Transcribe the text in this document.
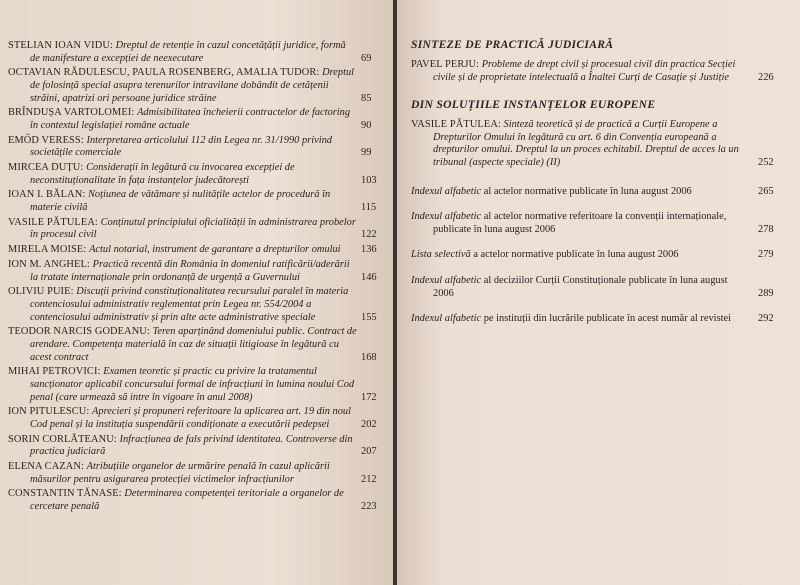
STELIAN IOAN VIDU: Dreptul de retenție în cazul concetățății juridice, formă de manifestare a excepției de neexecutare	69
OCTAVIAN RĂDULESCU, PAULA ROSENBERG, AMALIA TUDOR: Dreptul de folosință special asupra terenurilor intravilane dobândit de cetățenii străini, apatrizi ori persoane juridice străine	85
BRÎNDUȘA VARTOLOMEI: Admisibilitatea încheierii contractelor de factoring în contextul legislației române actuale	90
EMŐD VERESS: Interpretarea articolului 112 din Legea nr. 31/1990 privind societățile comerciale	99
MIRCEA DUȚU: Considerații în legătură cu invocarea excepției de neconstituționalitate în fața instanțelor judecătorești	103
IOAN I. BĂLAN: Noțiunea de vătămare și nulitățile actelor de procedură în materie civilă	115
VASILE PĂTULEA: Conținutul principiului oficialității în administrarea probelor în procesul civil	122
MIRELA MOISE: Actul notarial, instrument de garantare a drepturilor omului 136
ION M. ANGHEL: Practică recentă din România în domeniul ratificării/aderării la tratate internaționale prin ordonanță de urgență a Guvernului	146
OLIVIU PUIE: Discuții privind constituționalitatea recursului paralel în materia contenciosului administrativ reglementat prin Legea nr. 554/2004 a contenciosului administrativ și prin alte acte administrative speciale	155
TEODOR NARCIS GODEANU: Teren aparținând domeniului public. Contract de arendare. Competența materială în caz de situații litigioase în legătură cu acest contract	168
MIHAI PETROVICI: Examen teoretic și practic cu privire la tratamentul sancționator aplicabil concursului formal de infracțiuni în lumina noului Cod penal (care urmează să intre în vigoare în anul 2008)	172
ION PITULESCU: Aprecieri și propuneri referitoare la aplicarea art. 19 din noul Cod penal și la instituția suspendării condiționate a executării pedepsei	202
SORIN CORLĂTEANU: Infracțiunea de fals privind identitatea. Controverse din practica judiciară	207
ELENA CAZAN: Atribuțiile organelor de urmărire penală în cazul aplicării măsurilor pentru asigurarea protecției victimelor infracțiunilor	212
CONSTANTIN TĂNASE: Determinarea competenței teritoriale a organelor de cercetare penală	223

SINTEZE DE PRACTICĂ JUDICIARĂ

PAVEL PERJU: Probleme de drept civil și procesual civil din practica Secției civile și de proprietate intelectuală a Înaltei Curți de Casație și Justiție	226

DIN SOLUȚIILE INSTANȚELOR EUROPENE

VASILE PĂTULEA: Sinteză teoretică și de practică a Curții Europene a Drepturilor Omului în legătură cu art. 6 din Convenția europeană a drepturilor omului. Dreptul la un proces echitabil. Dreptul de acces la un tribunal (aspecte speciale) (II)	252
Indexul alfabetic al actelor normative publicate în luna august 2006	265
Indexul alfabetic al actelor normative referitoare la convenții internaționale, publicate în luna august 2006	278
Lista selectivă a actelor normative publicate în luna august 2006	279
Indexul alfabetic al deciziilor Curții Constituționale publicate în luna august 2006	289
Indexul alfabetic pe instituții din lucrările publicate în acest număr al revistei	292
